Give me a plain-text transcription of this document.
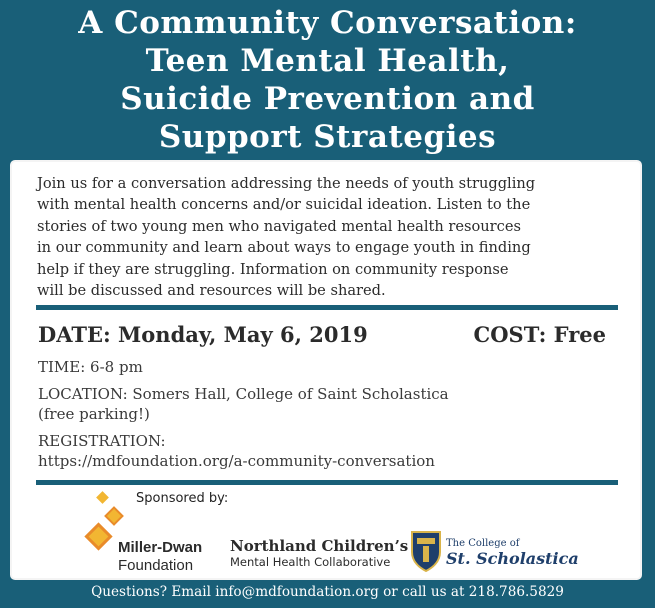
A Community Conversation:
Teen Mental Health,
Suicide Prevention and
Support Strategies
Join us for a conversation addressing the needs of youth struggling
with mental health concerns and/or suicidal ideation. Listen to the
stories of two young men who navigated mental health resources
in our community and learn about ways to engage youth in finding
help if they are struggling. Information on community response
will be discussed and resources will be shared.
DATE: Monday, May 6, 2019	COST: Free
TIME: 6-8 pm
LOCATION: Somers Hall, College of Saint Scholastica
(free parking!)
REGISTRATION:
https://mdfoundation.org/a-community-conversation
Sponsored by:
Miller-Dwan
Foundation
Northland Children’s
Mental Health Collaborative
The College of
St. Scholastica
Questions? Email info@mdfoundation.org or call us at 218.786.5829
